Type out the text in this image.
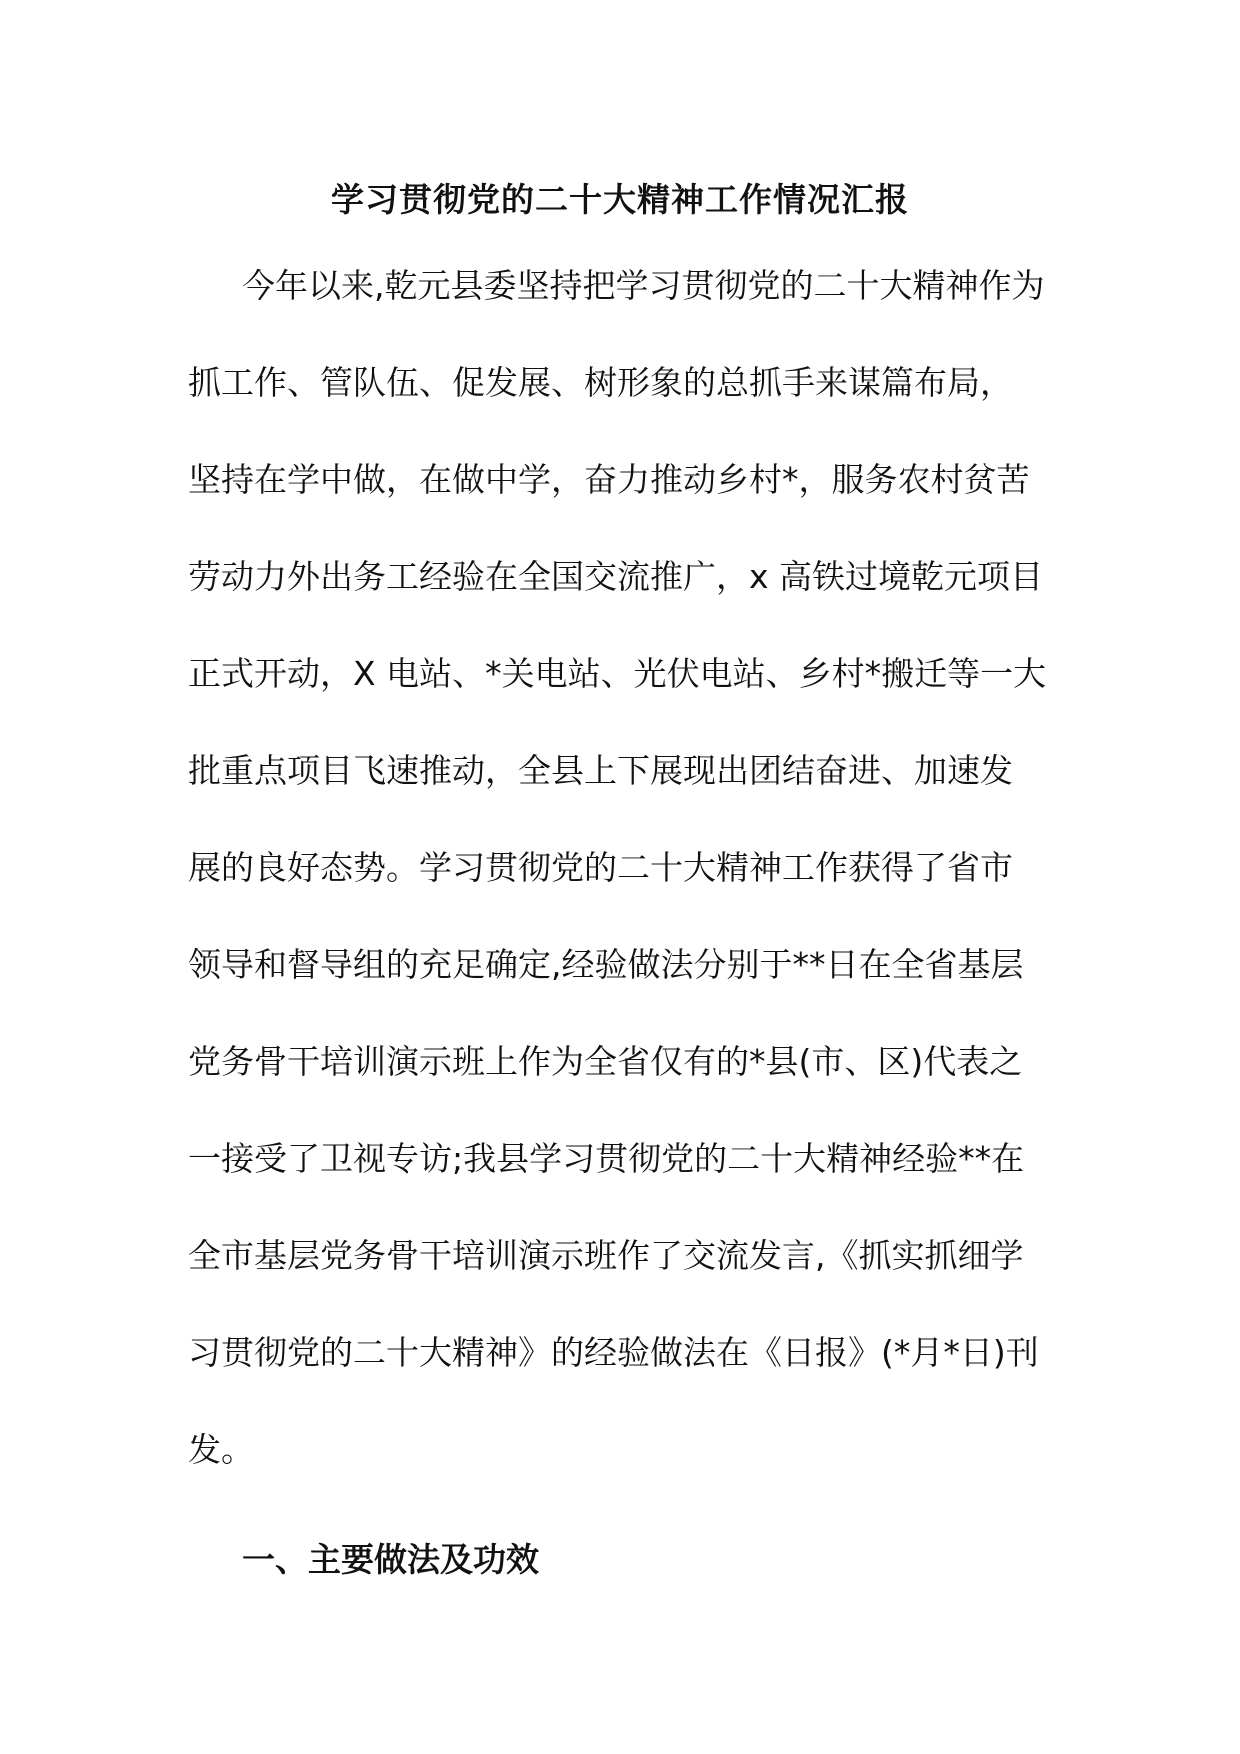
学习贯彻党的二十大精神工作情况汇报
今年以来,乾元县委坚持把学习贯彻党的二十大精神作为
抓工作、管队伍、促发展、树形象的总抓手来谋篇布局，
坚持在学中做，在做中学，奋力推动乡村*，服务农村贫苦
劳动力外出务工经验在全国交流推广，x 高铁过境乾元项目
正式开动，X 电站、*关电站、光伏电站、乡村*搬迁等一大
批重点项目飞速推动，全县上下展现出团结奋进、加速发
展的良好态势。学习贯彻党的二十大精神工作获得了省市
领导和督导组的充足确定,经验做法分别于**日在全省基层
党务骨干培训演示班上作为全省仅有的*县(市、区)代表之
一接受了卫视专访;我县学习贯彻党的二十大精神经验**在
全市基层党务骨干培训演示班作了交流发言,《抓实抓细学
习贯彻党的二十大精神》的经验做法在《日报》(*月*日)刊
发。
一、主要做法及功效
